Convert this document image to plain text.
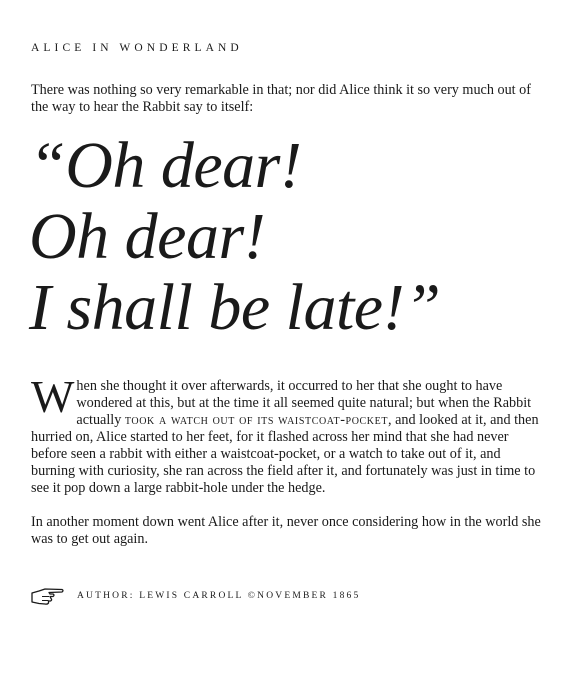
ALICE IN WONDERLAND

There was nothing so very remarkable in that; nor did Alice think it so very much out of the way to hear the Rabbit say to itself:

“Oh dear!
Oh dear!
I shall be late!”

When she thought it over afterwards, it occurred to her that she ought to have wondered at this, but at the time it all seemed quite natural; but when the Rabbit actually took a watch out of its waistcoat-pocket, and looked at it, and then hurried on, Alice started to her feet, for it flashed across her mind that she had never before seen a rabbit with either a waistcoat-pocket, or a watch to take out of it, and burning with curiosity, she ran across the field after it, and fortunately was just in time to see it pop down a large rabbit-hole under the hedge.

In another moment down went Alice after it, never once considering how in the world she was to get out again.

AUTHOR: LEWIS CARROLL ©NOVEMBER 1865
